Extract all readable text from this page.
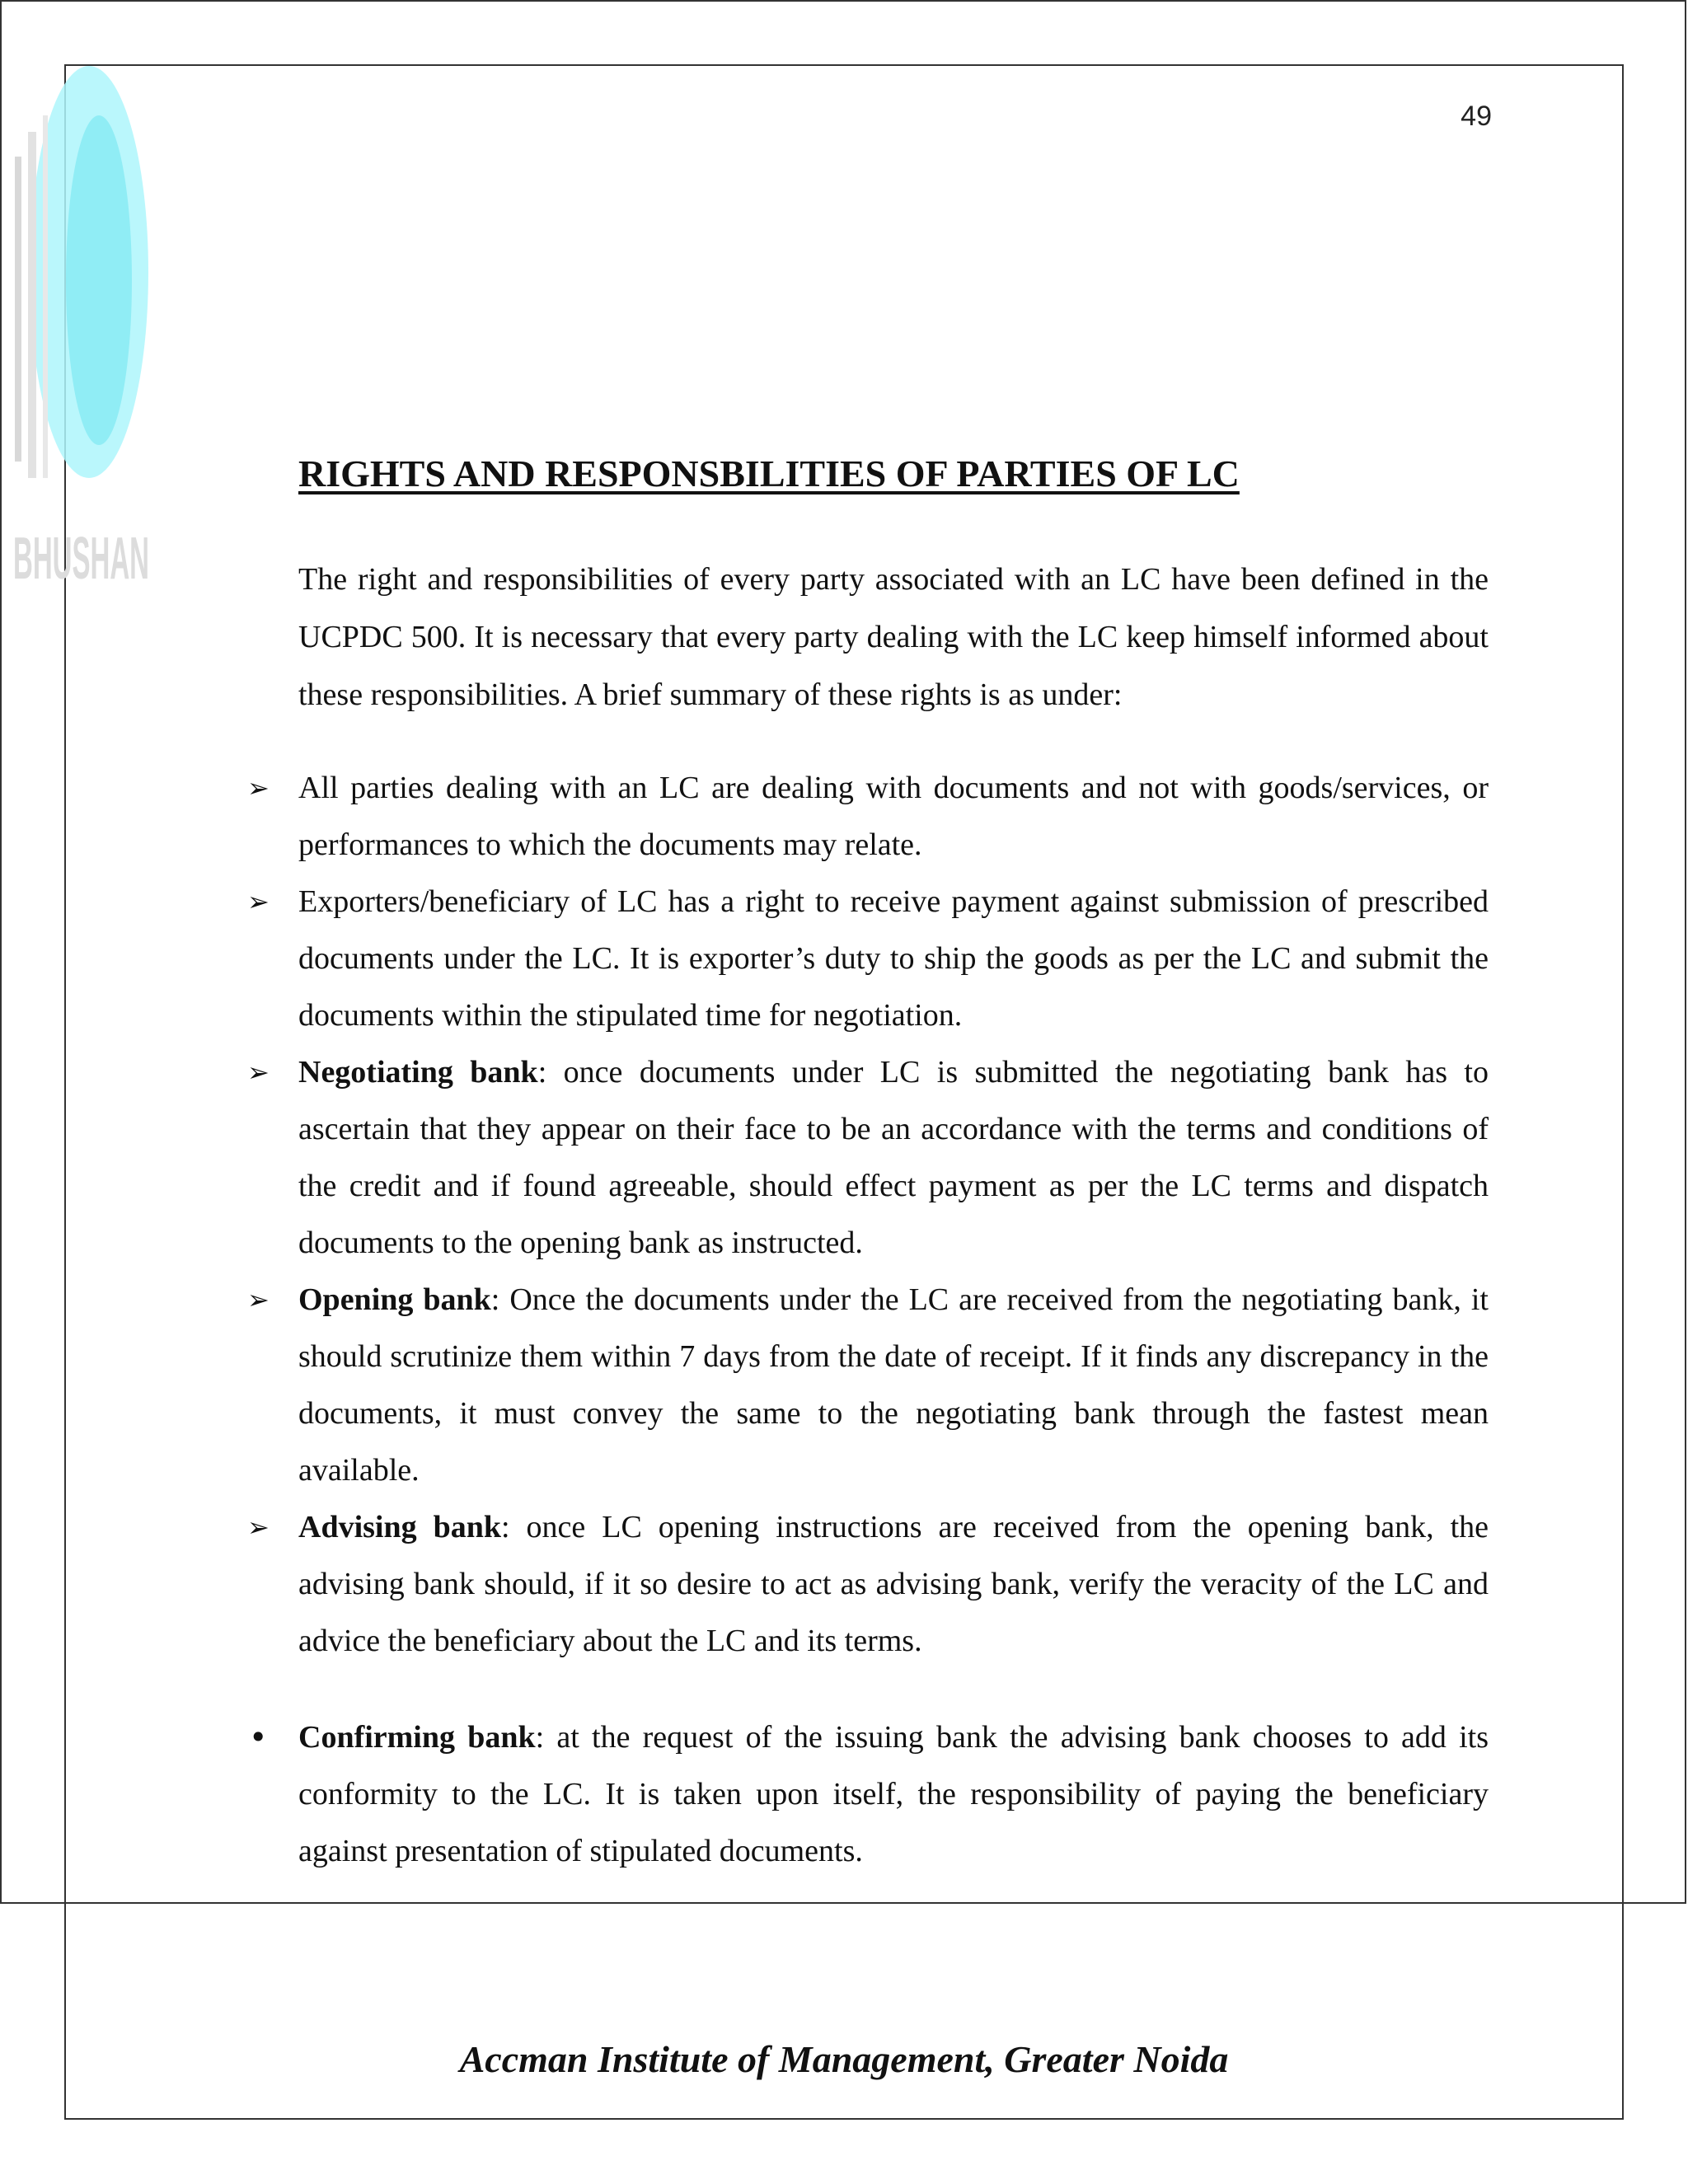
BHUSHAN
49
RIGHTS AND RESPONSBILITIES OF PARTIES OF LC

The right and responsibilities of every party associated with an LC have been defined in the UCPDC 500. It is necessary that every party dealing with the LC keep himself informed about these responsibilities. A brief summary of these rights is as under:

➢ All parties dealing with an LC are dealing with documents and not with goods/services, or performances to which the documents may relate.
➢ Exporters/beneficiary of LC has a right to receive payment against submission of prescribed documents under the LC. It is exporter’s duty to ship the goods as per the LC and submit the documents within the stipulated time for negotiation.
➢ Negotiating bank: once documents under LC is submitted the negotiating bank has to ascertain that they appear on their face to be an accordance with the terms and conditions of the credit and if found agreeable, should effect payment as per the LC terms and dispatch documents to the opening bank as instructed.
➢ Opening bank: Once the documents under the LC are received from the negotiating bank, it should scrutinize them within 7 days from the date of receipt. If it finds any discrepancy in the documents, it must convey the same to the negotiating bank through the fastest mean available.
➢ Advising bank: once LC opening instructions are received from the opening bank, the advising bank should, if it so desire to act as advising bank, verify the veracity of the LC and advice the beneficiary about the LC and its terms.
• Confirming bank: at the request of the issuing bank the advising bank chooses to add its conformity to the LC. It is taken upon itself, the responsibility of paying the beneficiary against presentation of stipulated documents.
Accman Institute of Management, Greater Noida
